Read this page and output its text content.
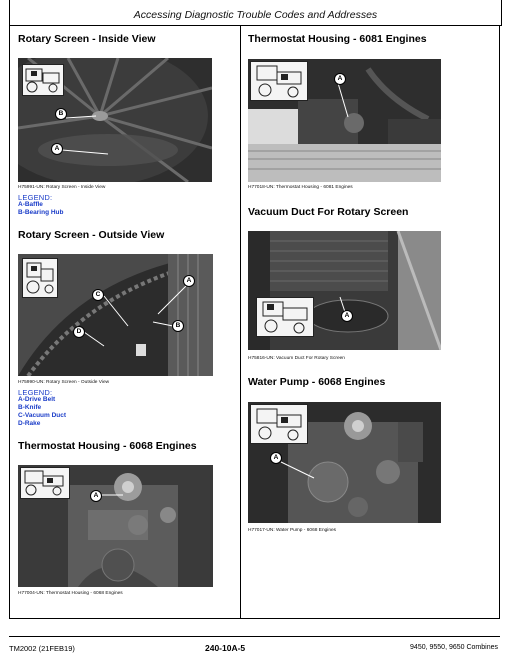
Accessing Diagnostic Trouble Codes and Addresses
Rotary Screen - Inside View
B
A
H75991-UN: Rotary Screen - Inside View
LEGEND:
A-Baffle
B-Bearing Hub
Rotary Screen - Outside View
A
B
C
D
H75990-UN: Rotary Screen - Outside View
LEGEND:
A-Drive Belt
B-Knife
C-Vacuum Duct
D-Rake
Thermostat Housing - 6068 Engines
A
H77004-UN: Thermostat Housing - 6068 Engines
Thermostat Housing - 6081 Engines
A
H77018-UN: Thermostat Housing - 6081 Engines
Vacuum Duct For Rotary Screen
A
H75816-UN: Vacuum Duct For Rotary Screen
Water Pump - 6068 Engines
A
H77017-UN: Water Pump - 6068 Engines
TM2002 (21FEB19)	240-10A-5	9450, 9550, 9650 Combines
